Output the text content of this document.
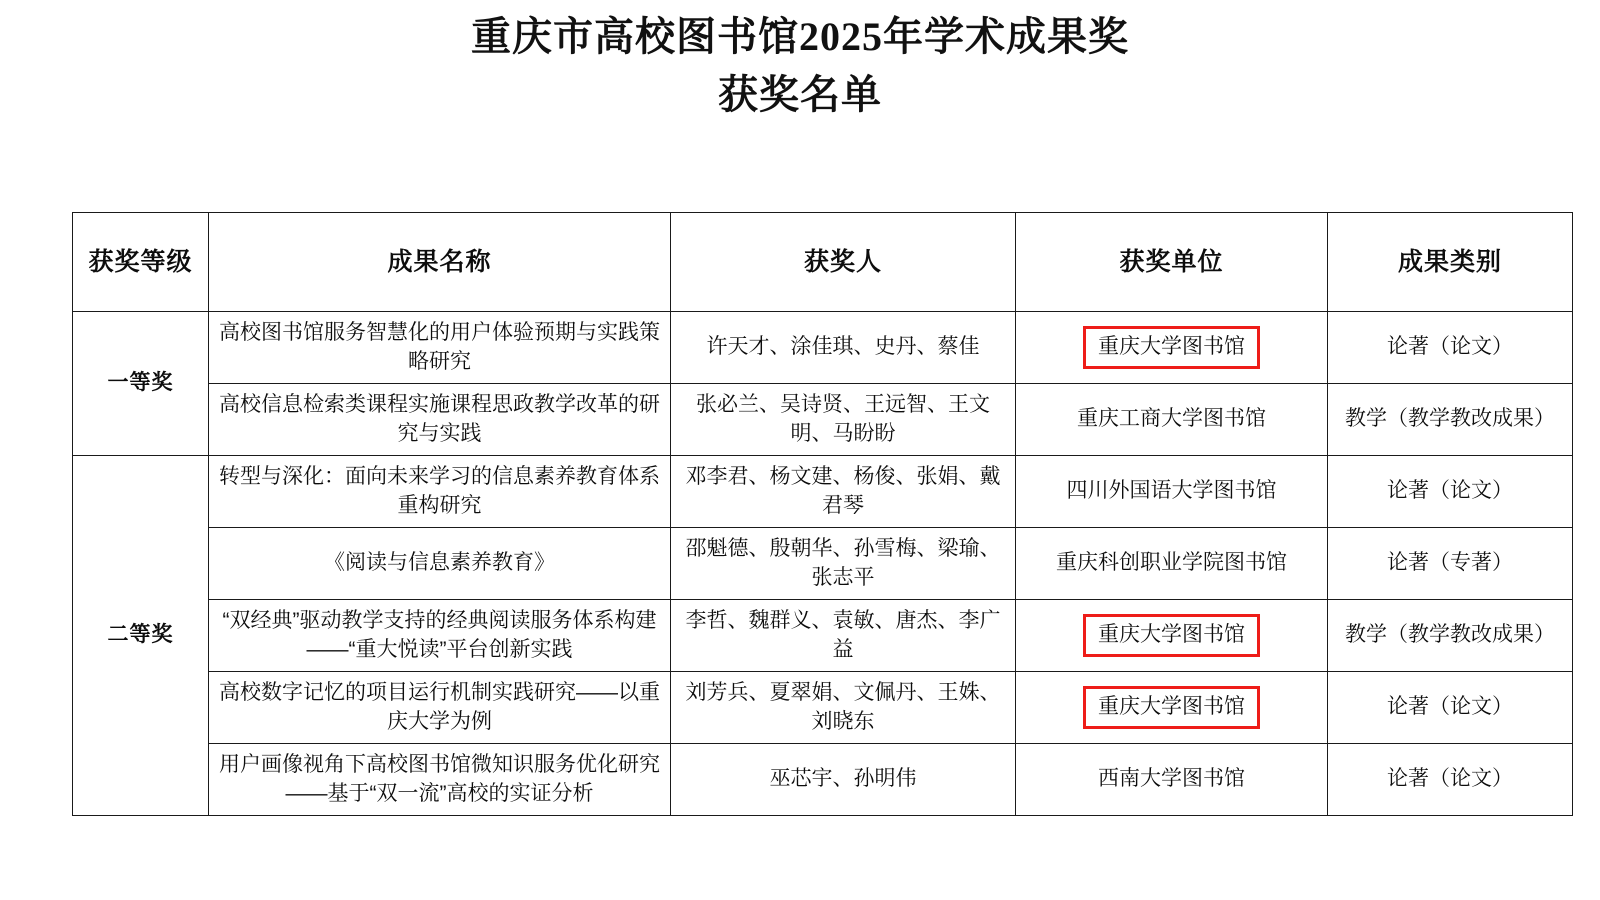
重庆市高校图书馆2025年学术成果奖
获奖名单
获奖等级	成果名称	获奖人	获奖单位	成果类别
一等奖	高校图书馆服务智慧化的用户体验预期与实践策略研究	许天才、涂佳琪、史丹、蔡佳	重庆大学图书馆	论著（论文）
	高校信息检索类课程实施课程思政教学改革的研究与实践	张必兰、吴诗贤、王远智、王文明、马盼盼	重庆工商大学图书馆	教学（教学教改成果）
二等奖	转型与深化：面向未来学习的信息素养教育体系重构研究	邓李君、杨文建、杨俊、张娟、戴君琴	四川外国语大学图书馆	论著（论文）
	《阅读与信息素养教育》	邵魁德、殷朝华、孙雪梅、梁瑜、张志平	重庆科创职业学院图书馆	论著（专著）
	“双经典”驱动教学支持的经典阅读服务体系构建——“重大悦读”平台创新实践	李哲、魏群义、袁敏、唐杰、李广益	重庆大学图书馆	教学（教学教改成果）
	高校数字记忆的项目运行机制实践研究——以重庆大学为例	刘芳兵、夏翠娟、文佩丹、王姝、刘晓东	重庆大学图书馆	论著（论文）
	用户画像视角下高校图书馆微知识服务优化研究——基于“双一流”高校的实证分析	巫芯宇、孙明伟	西南大学图书馆	论著（论文）
